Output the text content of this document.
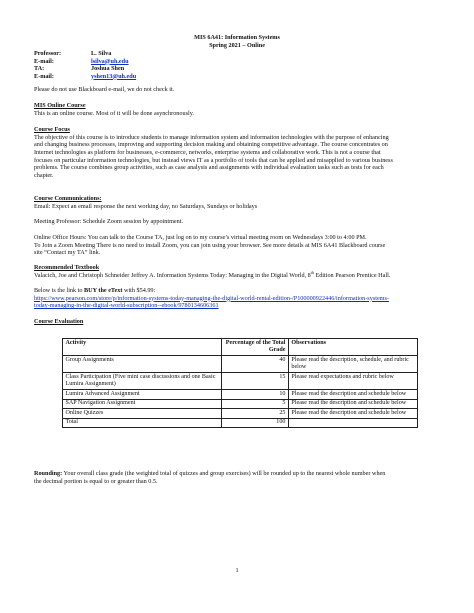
MIS 6A41: Information Systems
Spring 2021 – Online
Professor:	L. Silva
E-mail:	lsilva@uh.edu
TA:	Joshua Shen
E-mail:	yshen13@uh.edu
Please do not use Blackboard e-mail, we do not check it.
MIS Online Course
This is an online course. Most of it will be done asynchronously.
Course Focus
The objective of this course is to introduce students to manage information system and information technologies with the purpose of enhancing
and changing business processes, improving and supporting decision making and obtaining competitive advantage. The course concentrates on
Internet technologies as platform for businesses, e-commerce, networks, enterprise systems and collaborative work. This is not a course that
focuses on particular information technologies, but instead views IT as a portfolio of tools that can be applied and misapplied to various business
problems. The course combines group activities, such as case analysis and assignments with individual evaluation tasks such as tests for each
chapter.
Course Communications:
Email: Expect an email response the next working day, no Saturdays, Sundays or holidays
Meeting Professor: Schedule Zoom session by appointment.
Online Office Hours: You can talk to the Course TA, just log on to my course’s virtual meeting room on Wednesdays 3:00 to 4:00 PM.
To Join a Zoom Meeting There is no need to install Zoom, you can join using your browser. See more details at MIS 6A41 Blackboard course
site “Contact my TA” link.
Recommended Textbook
Valacich, Joe and Christoph Schneider Jeffrey A. Information Systems Today: Managing in the Digital World, 8th Edition Pearson Prentice Hall.
Below is the link to BUY the eText with $54.99:
https://www.pearson.com/store/p/information-systems-today-managing-the-digital-world-rental-edition-/P100000922446/information-systems-
today-managing-in-the-digital-world-subscription--ebook/9780134606361
Course Evaluation
Activity	Percentage of the Total Grade	Observations
Group Assignments	40	Please read the description, schedule, and rubric below
Class Participation (Five mini case discussions and one Basic Lumira Assignment)	15	Please read expectations and rubric below
Lumira Advanced Assignment	10	Please read the description and schedule below
SAP Navigation Assignment	5	Please read the description and schedule below
Online Quizzes	25	Please read the description and schedule below
Total	100	
Rounding: Your overall class grade (the weighted total of quizzes and group exercises) will be rounded up to the nearest whole number when
the decimal portion is equal to or greater than 0.5.
1
